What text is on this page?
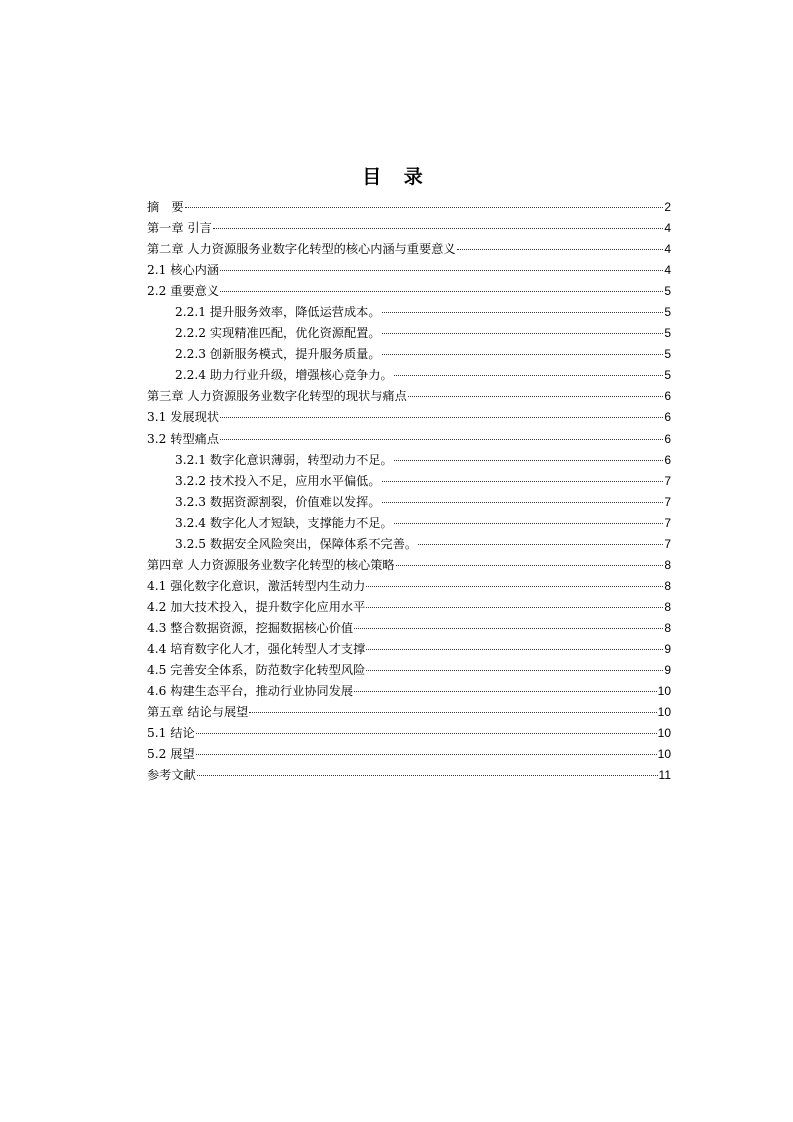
目 录
摘　要	2
第一章 引言	4
第二章 人力资源服务业数字化转型的核心内涵与重要意义	4
2.1 核心内涵	4
2.2 重要意义	5
2.2.1 提升服务效率，降低运营成本。	5
2.2.2 实现精准匹配，优化资源配置。	5
2.2.3 创新服务模式，提升服务质量。	5
2.2.4 助力行业升级，增强核心竞争力。	5
第三章 人力资源服务业数字化转型的现状与痛点	6
3.1 发展现状	6
3.2 转型痛点	6
3.2.1 数字化意识薄弱，转型动力不足。	6
3.2.2 技术投入不足，应用水平偏低。	7
3.2.3 数据资源割裂，价值难以发挥。	7
3.2.4 数字化人才短缺，支撑能力不足。	7
3.2.5 数据安全风险突出，保障体系不完善。	7
第四章 人力资源服务业数字化转型的核心策略	8
4.1 强化数字化意识，激活转型内生动力	8
4.2 加大技术投入，提升数字化应用水平	8
4.3 整合数据资源，挖掘数据核心价值	8
4.4 培育数字化人才，强化转型人才支撑	9
4.5 完善安全体系，防范数字化转型风险	9
4.6 构建生态平台，推动行业协同发展	10
第五章 结论与展望	10
5.1 结论	10
5.2 展望	10
参考文献	11
